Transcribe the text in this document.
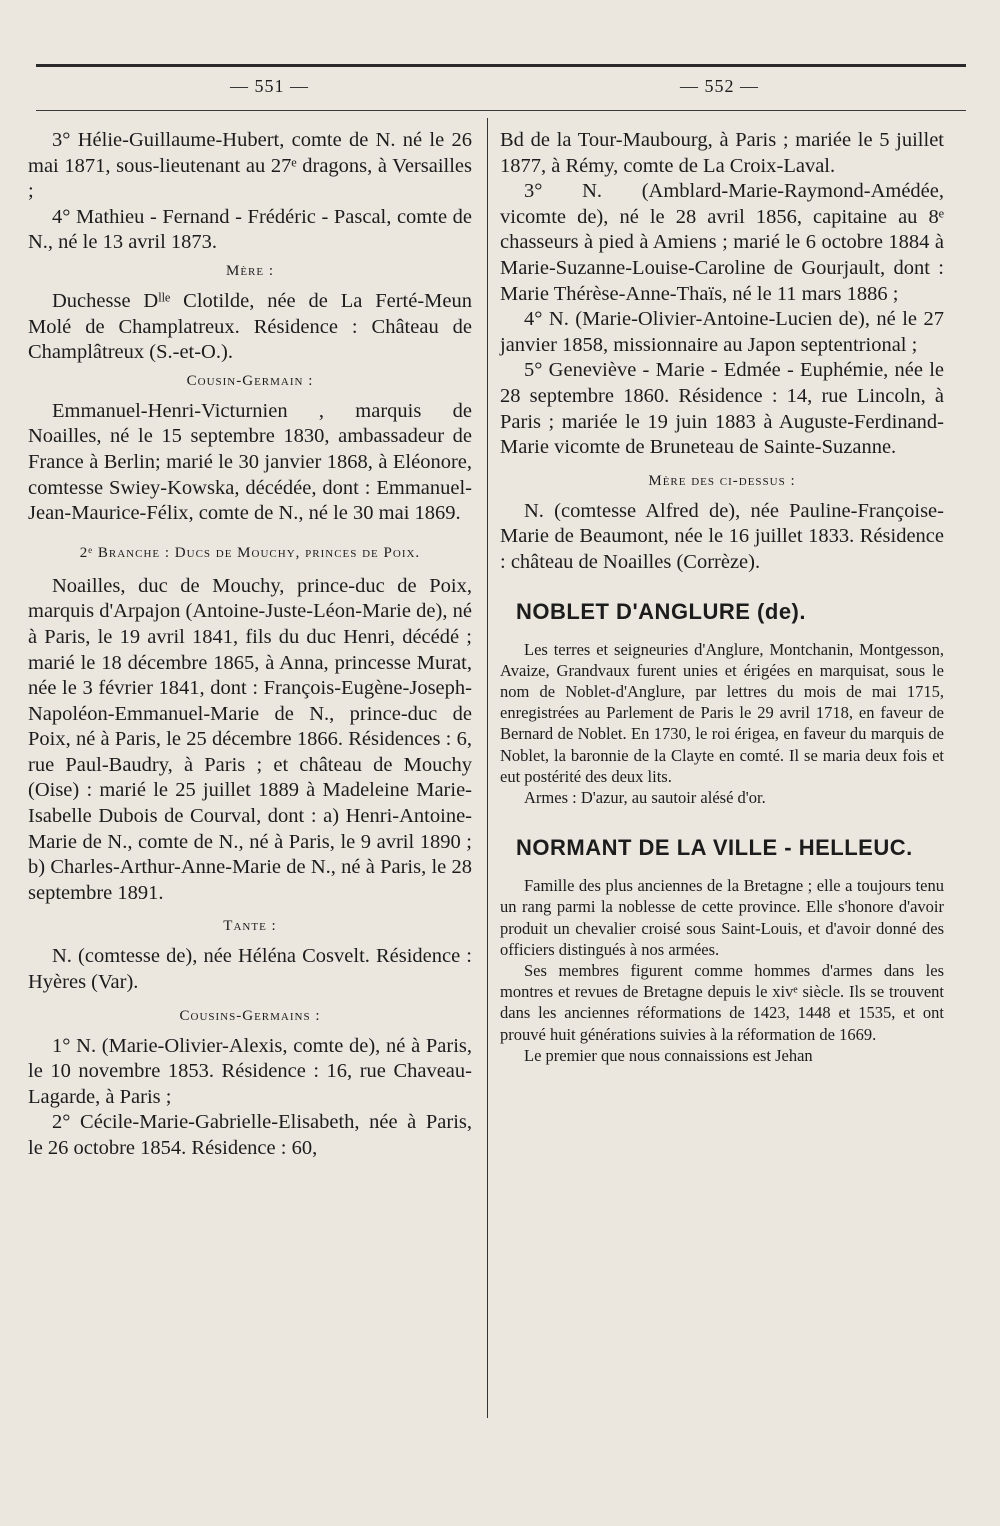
— 551 —	— 552 —

3° Hélie-Guillaume-Hubert, comte de N. né le 26 mai 1871, sous-lieutenant au 27ᵉ dragons, à Versailles ;

4° Mathieu - Fernand - Frédéric - Pascal, comte de N., né le 13 avril 1873.

Mère :

Duchesse Dˡˡᵉ Clotilde, née de La Ferté-Meun Molé de Champlatreux. Résidence : Château de Champlâtreux (S.-et-O.).

Cousin-Germain :

Emmanuel-Henri-Victurnien , marquis de Noailles, né le 15 septembre 1830, ambassadeur de France à Berlin; marié le 30 janvier 1868, à Eléonore, comtesse Swiey-Kowska, décédée, dont : Emmanuel-Jean-Maurice-Félix, comte de N., né le 30 mai 1869.

2ᵉ Branche : Ducs de Mouchy, princes de Poix.

Noailles, duc de Mouchy, prince-duc de Poix, marquis d'Arpajon (Antoine-Juste-Léon-Marie de), né à Paris, le 19 avril 1841, fils du duc Henri, décédé ; marié le 18 décembre 1865, à Anna, princesse Murat, née le 3 février 1841, dont : François-Eugène-Joseph-Napoléon-Emmanuel-Marie de N., prince-duc de Poix, né à Paris, le 25 décembre 1866. Résidences : 6, rue Paul-Baudry, à Paris ; et château de Mouchy (Oise) : marié le 25 juillet 1889 à Madeleine Marie-Isabelle Dubois de Courval, dont : a) Henri-Antoine-Marie de N., comte de N., né à Paris, le 9 avril 1890 ; b) Charles-Arthur-Anne-Marie de N., né à Paris, le 28 septembre 1891.

Tante :

N. (comtesse de), née Héléna Cosvelt. Résidence : Hyères (Var).

Cousins-Germains :

1° N. (Marie-Olivier-Alexis, comte de), né à Paris, le 10 novembre 1853. Résidence : 16, rue Chaveau-Lagarde, à Paris ;

2° Cécile-Marie-Gabrielle-Elisabeth, née à Paris, le 26 octobre 1854. Résidence : 60,

Bd de la Tour-Maubourg, à Paris ; mariée le 5 juillet 1877, à Rémy, comte de La Croix-Laval.

3° N. (Amblard-Marie-Raymond-Amédée, vicomte de), né le 28 avril 1856, capitaine au 8ᵉ chasseurs à pied à Amiens ; marié le 6 octobre 1884 à Marie-Suzanne-Louise-Caroline de Gourjault, dont : Marie Thérèse-Anne-Thaïs, né le 11 mars 1886 ;

4° N. (Marie-Olivier-Antoine-Lucien de), né le 27 janvier 1858, missionnaire au Japon septentrional ;

5° Geneviève - Marie - Edmée - Euphémie, née le 28 septembre 1860. Résidence : 14, rue Lincoln, à Paris ; mariée le 19 juin 1883 à Auguste-Ferdinand-Marie vicomte de Bruneteau de Sainte-Suzanne.

Mère des ci-dessus :

N. (comtesse Alfred de), née Pauline-Françoise-Marie de Beaumont, née le 16 juillet 1833. Résidence : château de Noailles (Corrèze).

NOBLET D'ANGLURE (de).

Les terres et seigneuries d'Anglure, Montchanin, Montgesson, Avaize, Grandvaux furent unies et érigées en marquisat, sous le nom de Noblet-d'Anglure, par lettres du mois de mai 1715, enregistrées au Parlement de Paris le 29 avril 1718, en faveur de Bernard de Noblet. En 1730, le roi érigea, en faveur du marquis de Noblet, la baronnie de la Clayte en comté. Il se maria deux fois et eut postérité des deux lits.

Armes : D'azur, au sautoir alésé d'or.

NORMANT DE LA VILLE - HELLEUC.

Famille des plus anciennes de la Bretagne ; elle a toujours tenu un rang parmi la noblesse de cette province. Elle s'honore d'avoir produit un chevalier croisé sous Saint-Louis, et d'avoir donné des officiers distingués à nos armées.

Ses membres figurent comme hommes d'armes dans les montres et revues de Bretagne depuis le xivᵉ siècle. Ils se trouvent dans les anciennes réformations de 1423, 1448 et 1535, et ont prouvé huit générations suivies à la réformation de 1669.

Le premier que nous connaissions est Jehan
